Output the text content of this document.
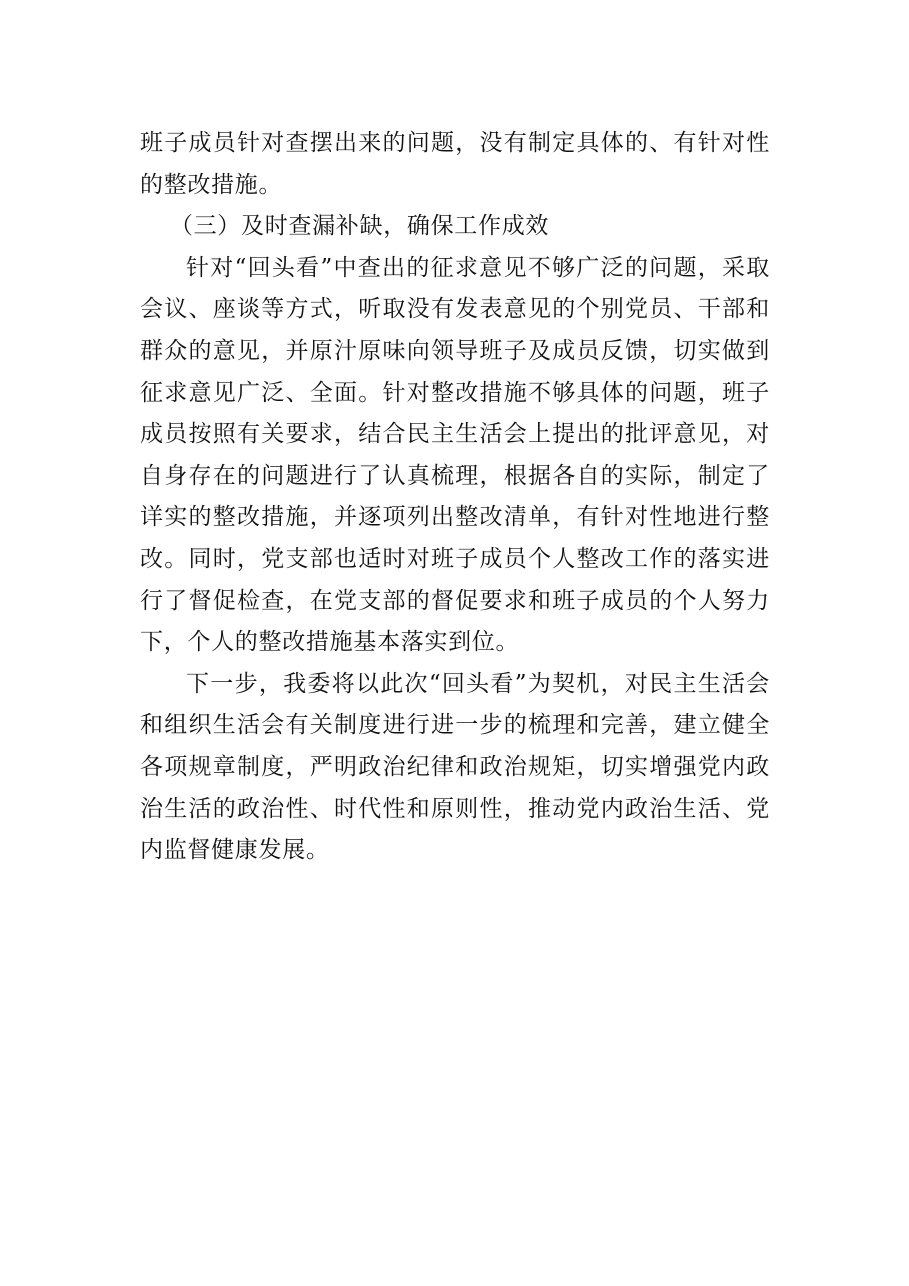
班子成员针对查摆出来的问题，没有制定具体的、有针对性的整改措施。

（三）及时查漏补缺，确保工作成效

针对“回头看”中查出的征求意见不够广泛的问题，采取会议、座谈等方式，听取没有发表意见的个别党员、干部和群众的意见，并原汁原味向领导班子及成员反馈，切实做到征求意见广泛、全面。针对整改措施不够具体的问题，班子成员按照有关要求，结合民主生活会上提出的批评意见，对自身存在的问题进行了认真梳理，根据各自的实际，制定了详实的整改措施，并逐项列出整改清单，有针对性地进行整改。同时，党支部也适时对班子成员个人整改工作的落实进行了督促检查，在党支部的督促要求和班子成员的个人努力下，个人的整改措施基本落实到位。

下一步，我委将以此次“回头看”为契机，对民主生活会和组织生活会有关制度进行进一步的梳理和完善，建立健全各项规章制度，严明政治纪律和政治规矩，切实增强党内政治生活的政治性、时代性和原则性，推动党内政治生活、党内监督健康发展。
